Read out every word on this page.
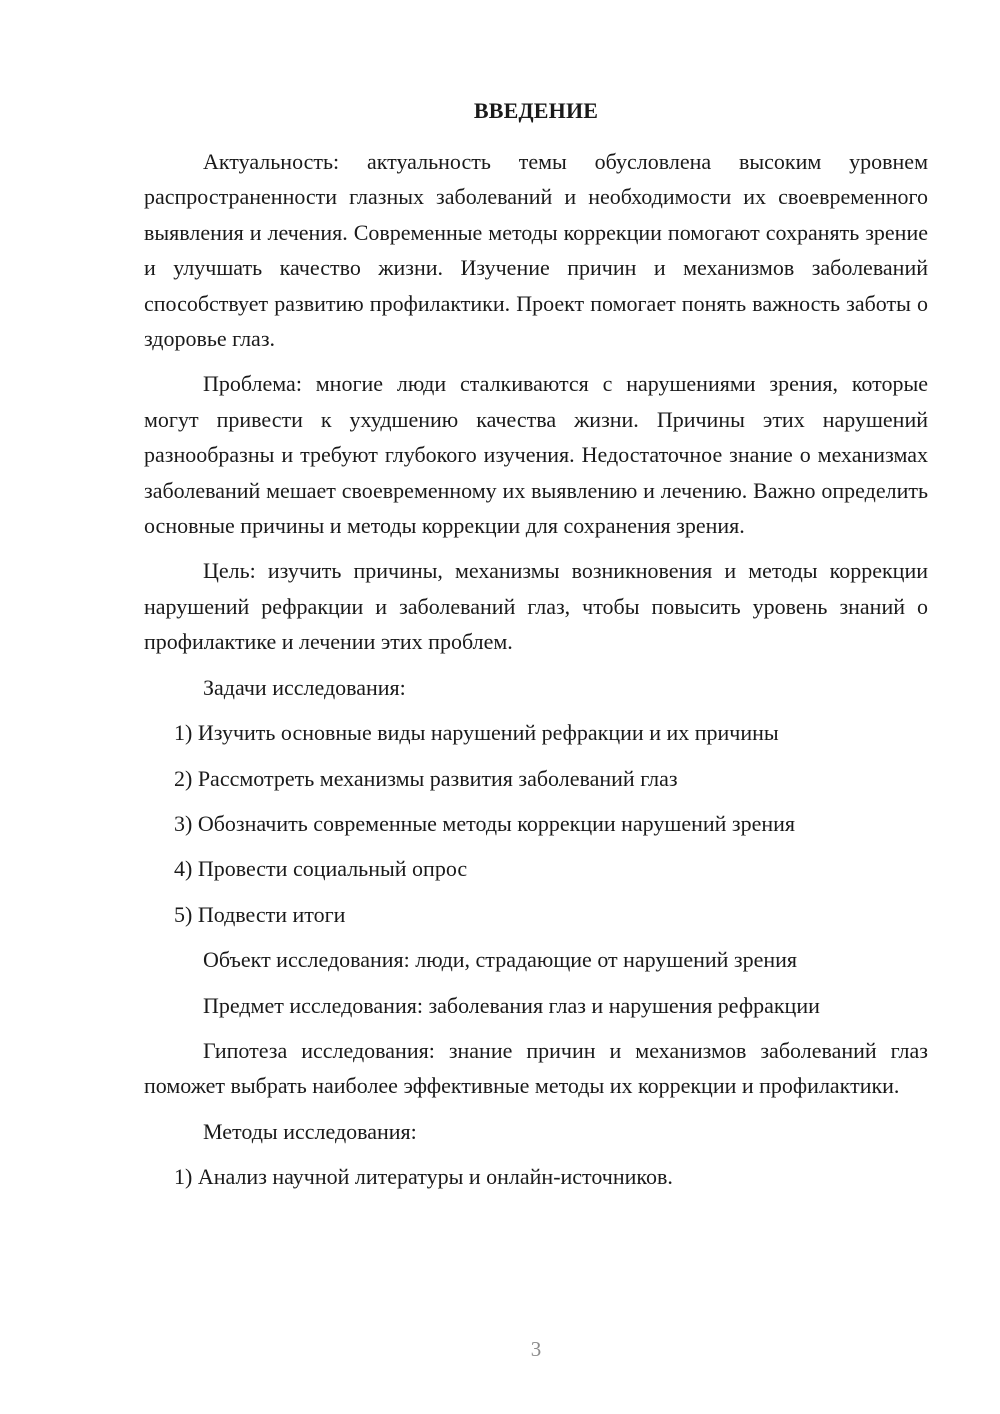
ВВЕДЕНИЕ

Актуальность: актуальность темы обусловлена высоким уровнем распространенности глазных заболеваний и необходимости их своевременного выявления и лечения. Современные методы коррекции помогают сохранять зрение и улучшать качество жизни. Изучение причин и механизмов заболеваний способствует развитию профилактики. Проект помогает понять важность заботы о здоровье глаз.

Проблема: многие люди сталкиваются с нарушениями зрения, которые могут привести к ухудшению качества жизни. Причины этих нарушений разнообразны и требуют глубокого изучения. Недостаточное знание о механизмах заболеваний мешает своевременному их выявлению и лечению. Важно определить основные причины и методы коррекции для сохранения зрения.

Цель: изучить причины, механизмы возникновения и методы коррекции нарушений рефракции и заболеваний глаз, чтобы повысить уровень знаний о профилактике и лечении этих проблем.

Задачи исследования:
1) Изучить основные виды нарушений рефракции и их причины
2) Рассмотреть механизмы развития заболеваний глаз
3) Обозначить современные методы коррекции нарушений зрения
4) Провести социальный опрос
5) Подвести итоги
Объект исследования: люди, страдающие от нарушений зрения
Предмет исследования: заболевания глаз и нарушения рефракции

Гипотеза исследования: знание причин и механизмов заболеваний глаз поможет выбрать наиболее эффективные методы их коррекции и профилактики.

Методы исследования:
1) Анализ научной литературы и онлайн-источников.
3
